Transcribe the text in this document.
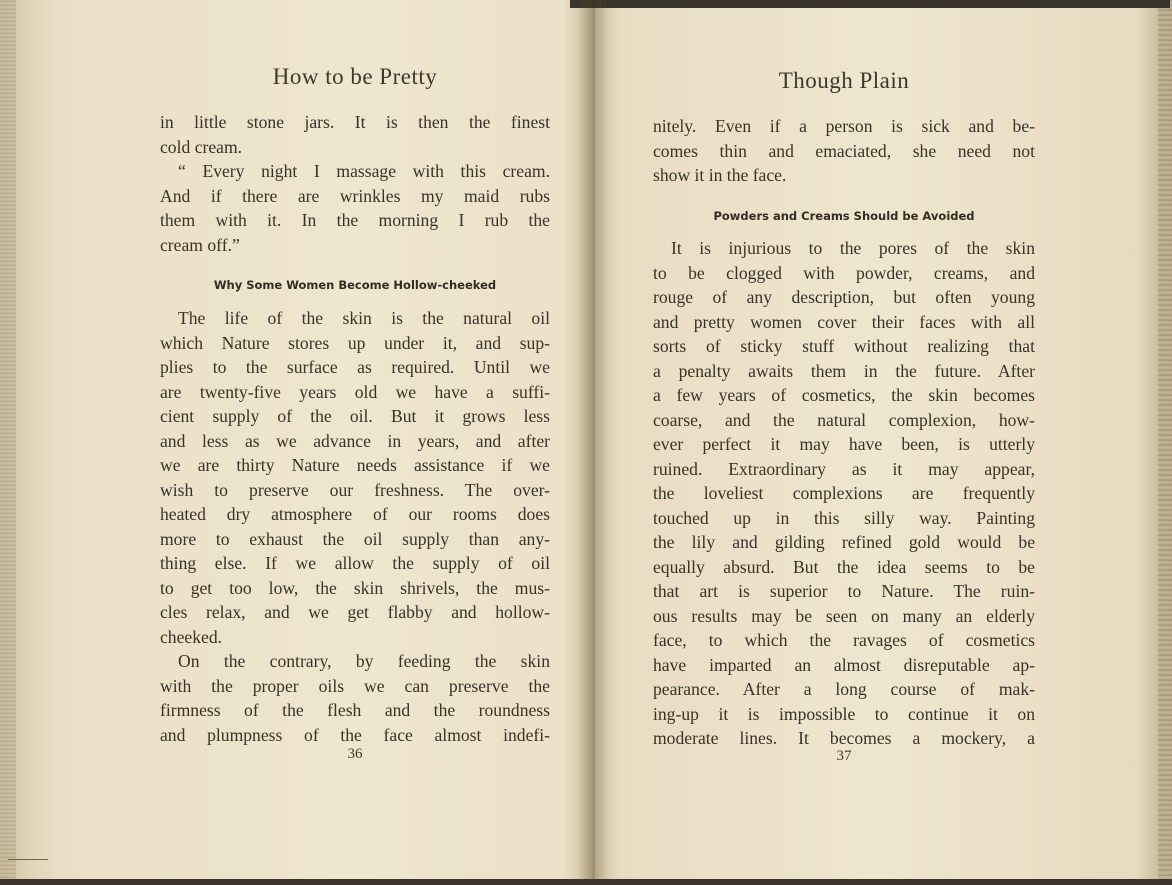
How to be Pretty
in little stone jars. It is then the finest
cold cream.
“ Every night I massage with this cream.
And if there are wrinkles my maid rubs
them with it. In the morning I rub the
cream off.”
Why Some Women Become Hollow-cheeked
The life of the skin is the natural oil
which Nature stores up under it, and sup-
plies to the surface as required. Until we
are twenty-five years old we have a suffi-
cient supply of the oil. But it grows less
and less as we advance in years, and after
we are thirty Nature needs assistance if we
wish to preserve our freshness. The over-
heated dry atmosphere of our rooms does
more to exhaust the oil supply than any-
thing else. If we allow the supply of oil
to get too low, the skin shrivels, the mus-
cles relax, and we get flabby and hollow-
cheeked.
On the contrary, by feeding the skin
with the proper oils we can preserve the
firmness of the flesh and the roundness
and plumpness of the face almost indefi-
36
Though Plain
nitely. Even if a person is sick and be-
comes thin and emaciated, she need not
show it in the face.
Powders and Creams Should be Avoided
It is injurious to the pores of the skin
to be clogged with powder, creams, and
rouge of any description, but often young
and pretty women cover their faces with all
sorts of sticky stuff without realizing that
a penalty awaits them in the future. After
a few years of cosmetics, the skin becomes
coarse, and the natural complexion, how-
ever perfect it may have been, is utterly
ruined. Extraordinary as it may appear,
the loveliest complexions are frequently
touched up in this silly way. Painting
the lily and gilding refined gold would be
equally absurd. But the idea seems to be
that art is superior to Nature. The ruin-
ous results may be seen on many an elderly
face, to which the ravages of cosmetics
have imparted an almost disreputable ap-
pearance. After a long course of mak-
ing-up it is impossible to continue it on
moderate lines. It becomes a mockery, a
37
